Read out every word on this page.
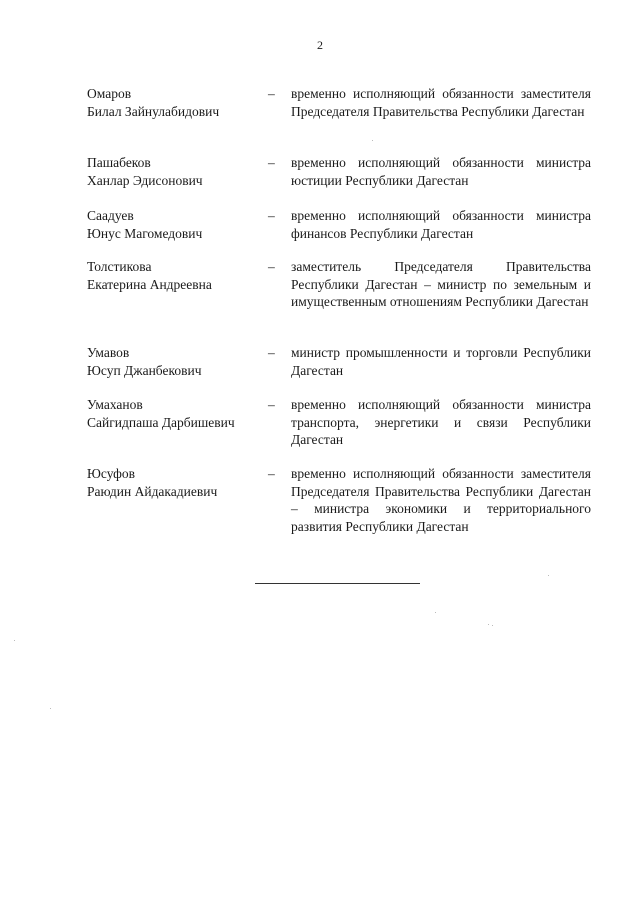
2
Омаров
Билал Зайнулабидович
– временно исполняющий обязанности заместителя Председателя Правительства Республики Дагестан
Пашабеков
Ханлар Эдисонович
– временно исполняющий обязанности министра юстиции Республики Дагестан
Саадуев
Юнус Магомедович
– временно исполняющий обязанности министра финансов Республики Дагестан
Толстикова
Екатерина Андреевна
– заместитель Председателя Правительства Республики Дагестан – министр по земельным и имущественным отношениям Республики Дагестан
Умавов
Юсуп Джанбекович
– министр промышленности и торговли Республики Дагестан
Умаханов
Сайгидпаша Дарбишевич
– временно исполняющий обязанности министра транспорта, энергетики и связи Республики Дагестан
Юсуфов
Раюдин Айдакадиевич
– временно исполняющий обязанности заместителя Председателя Правительства Республики Дагестан – министра экономики и территориального развития Республики Дагестан
